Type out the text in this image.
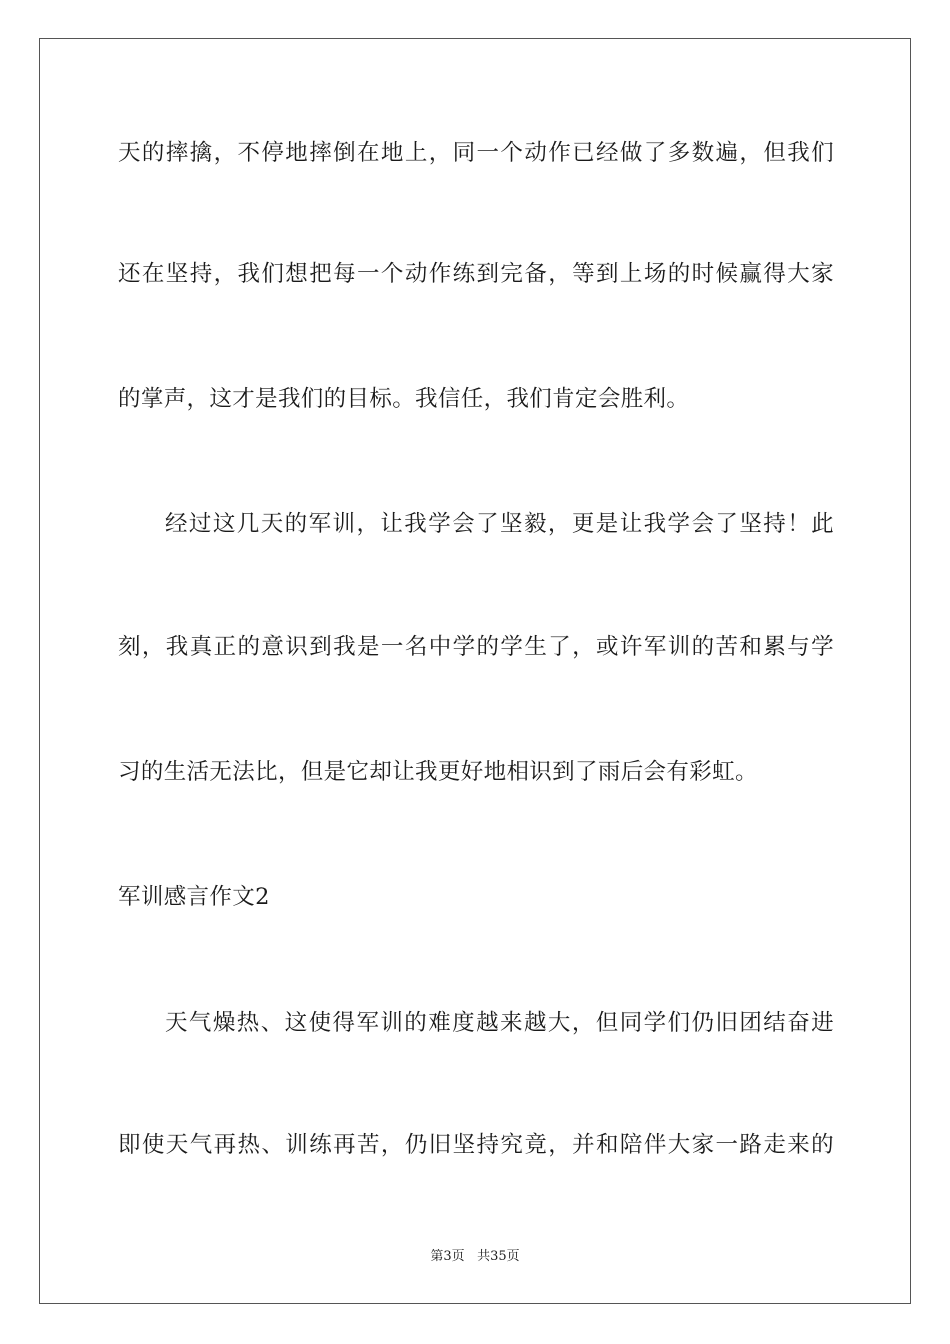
天的摔擒，不停地摔倒在地上，同一个动作已经做了多数遍，但我们
还在坚持，我们想把每一个动作练到完备，等到上场的时候赢得大家
的掌声，这才是我们的目标。我信任，我们肯定会胜利。
经过这几天的军训，让我学会了坚毅，更是让我学会了坚持！此
刻，我真正的意识到我是一名中学的学生了，或许军训的苦和累与学
习的生活无法比，但是它却让我更好地相识到了雨后会有彩虹。
军训感言作文2
天气燥热、这使得军训的难度越来越大，但同学们仍旧团结奋进
即使天气再热、训练再苦，仍旧坚持究竟，并和陪伴大家一路走来的
第3页 共35页
